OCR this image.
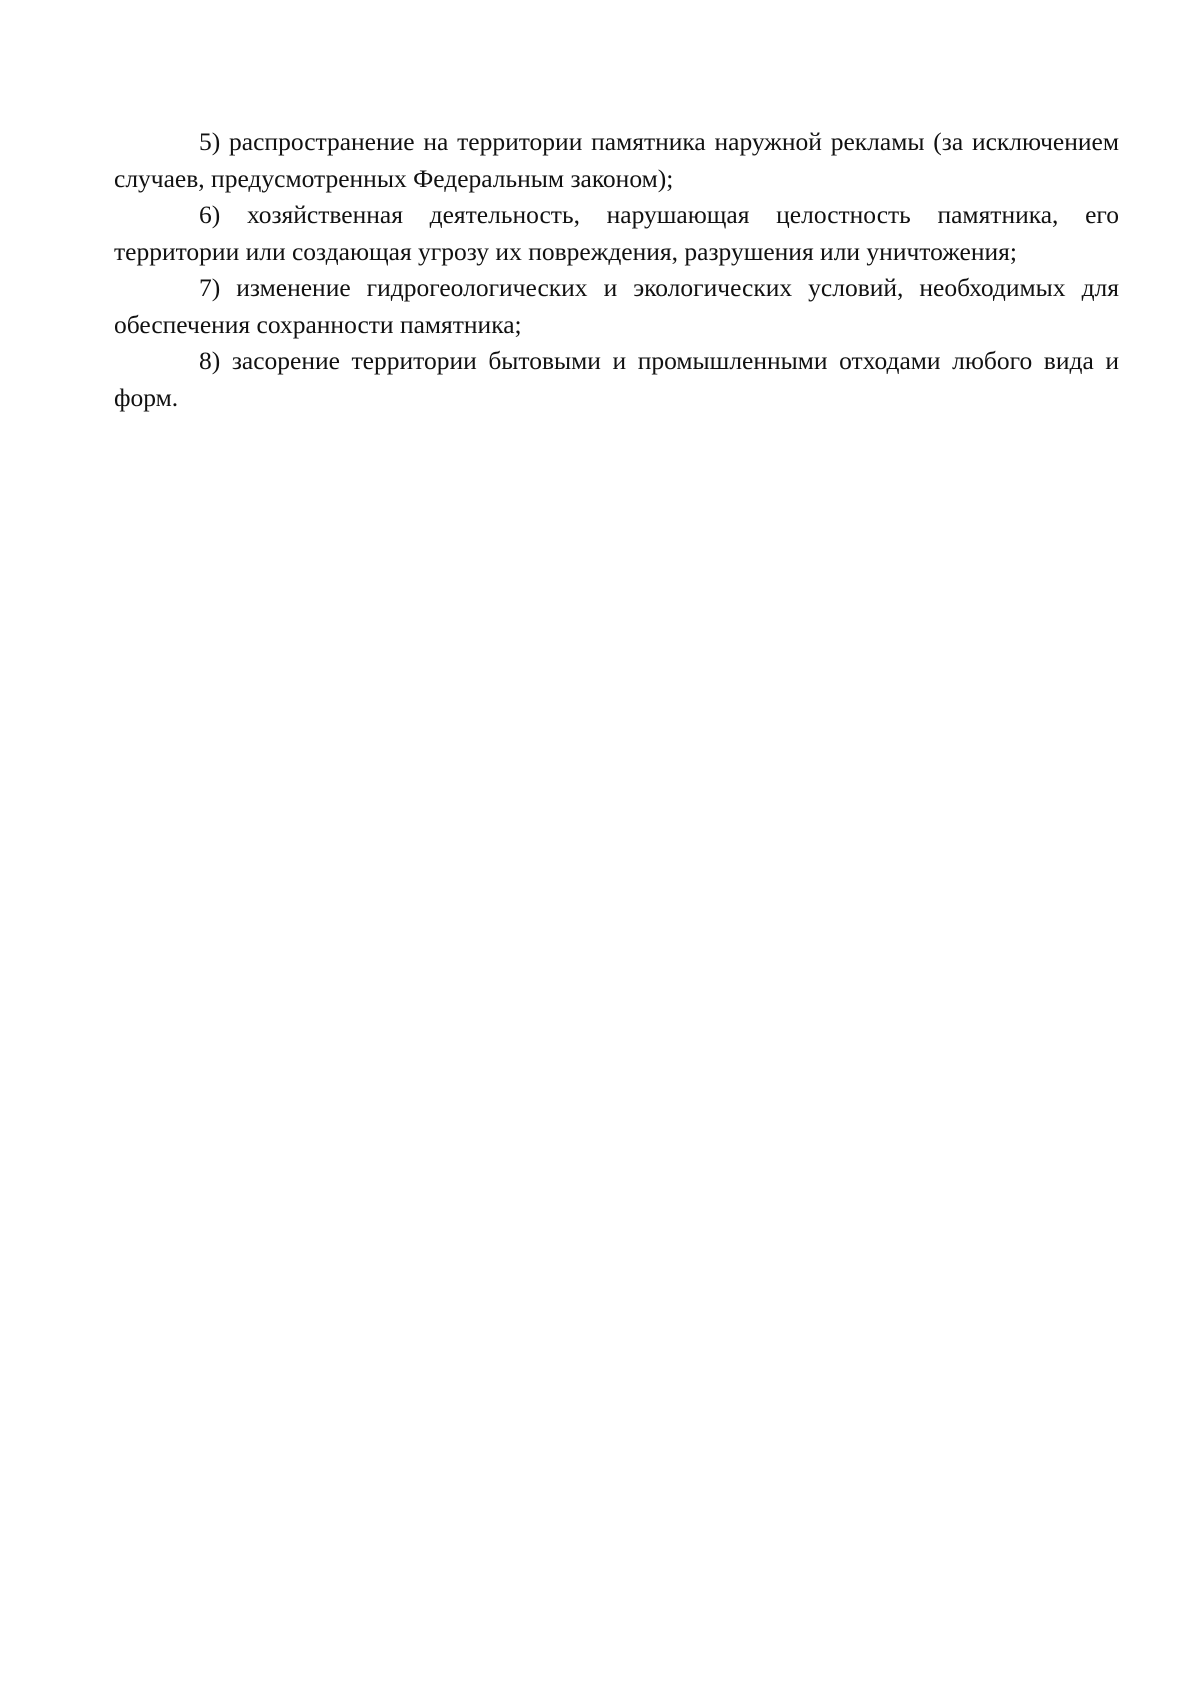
5) распространение на территории памятника наружной рекламы (за исключением случаев, предусмотренных Федеральным законом);

6) хозяйственная деятельность, нарушающая целостность памятника, его территории или создающая угрозу их повреждения, разрушения или уничтожения;

7) изменение гидрогеологических и экологических условий, необходимых для обеспечения сохранности памятника;

8) засорение территории бытовыми и промышленными отходами любого вида и форм.
